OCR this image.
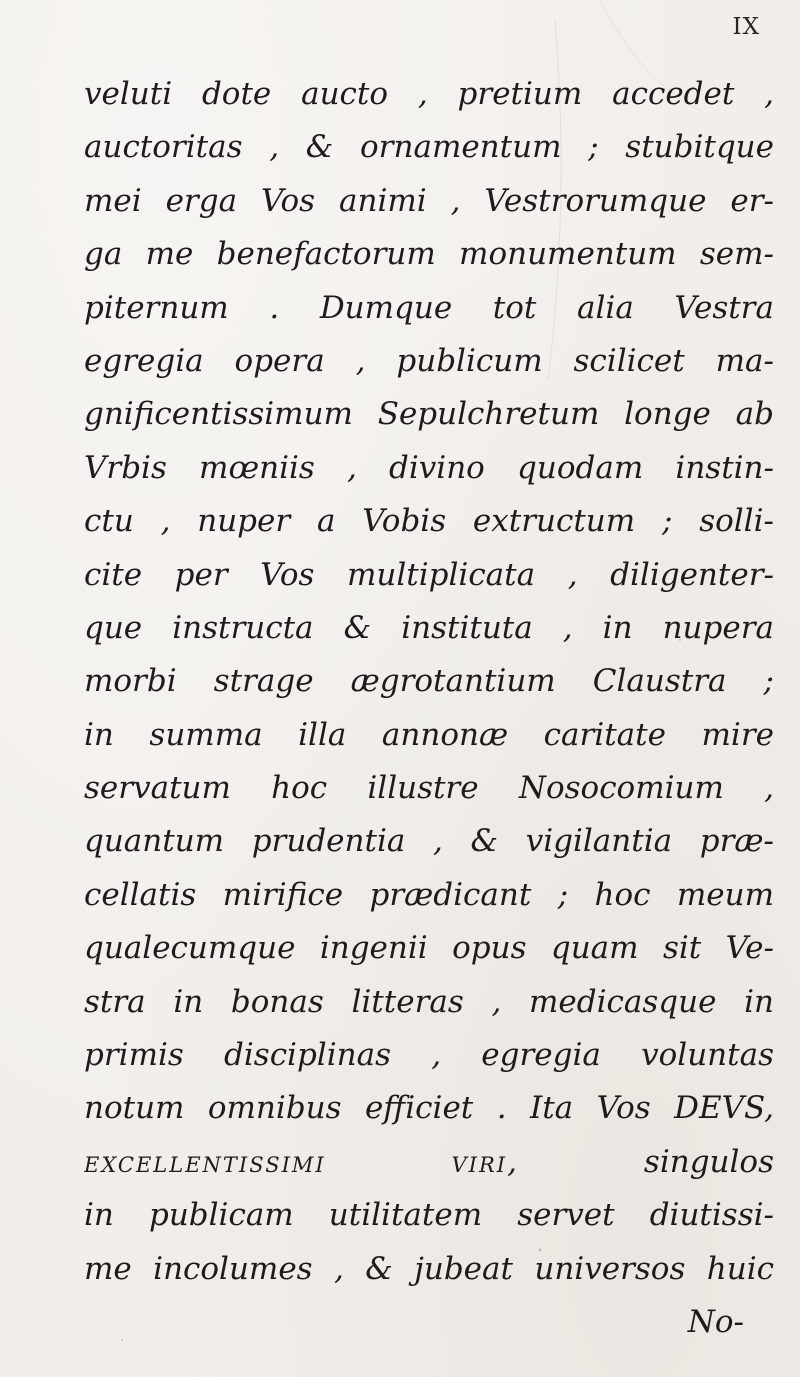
IX
veluti dote aucto , pretium accedet ,
auctoritas , & ornamentum ; stubitque
mei erga Vos animi , Vestrorumque er-
ga me benefactorum monumentum sem-
piternum . Dumque tot alia Vestra
egregia opera , publicum scilicet ma-
gnificentissimum Sepulchretum longe ab
Vrbis mœniis , divino quodam instin-
ctu , nuper a Vobis extructum ; solli-
cite per Vos multiplicata , diligenter-
que instructa & instituta , in nupera
morbi strage ægrotantium Claustra ;
in summa illa annonæ caritate mire
servatum hoc illustre Nosocomium ,
quantum prudentia , & vigilantia præ-
cellatis mirifice prædicant ; hoc meum
qualecumque ingenii opus quam sit Ve-
stra in bonas litteras , medicasque in
primis disciplinas , egregia voluntas
notum omnibus efficiet . Ita Vos DEVS,
EXCELLENTISSIMI VIRI, singulos
in publicam utilitatem servet diutissi-
me incolumes , & jubeat universos huic
No-
